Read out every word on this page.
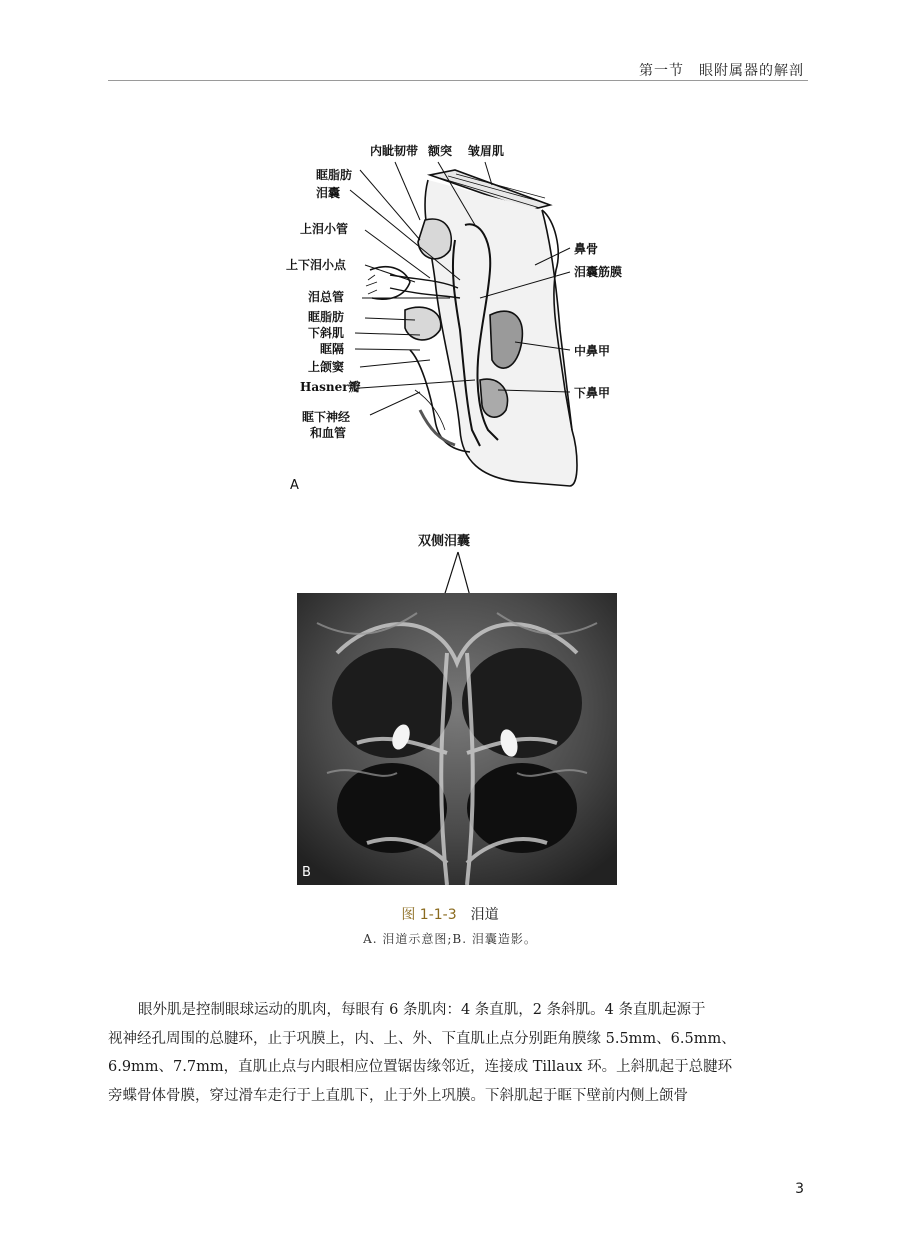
第一节　眼附属器的解剖
内眦韧带 额突 皱眉肌
眶脂肪
泪囊
上泪小管
上下泪小点
泪总管
眶脂肪
下斜肌
眶隔
上颌窦
Hasner瓣
眶下神经
和血管
鼻骨
泪囊筋膜
中鼻甲
下鼻甲
A
双侧泪囊
B
图 1-1-3 泪道
A. 泪道示意图;B. 泪囊造影。
眼外肌是控制眼球运动的肌肉，每眼有 6 条肌肉：4 条直肌，2 条斜肌。4 条直肌起源于
视神经孔周围的总腱环，止于巩膜上，内、上、外、下直肌止点分别距角膜缘 5.5mm、6.5mm、
6.9mm、7.7mm，直肌止点与内眼相应位置锯齿缘邻近，连接成 Tillaux 环。上斜肌起于总腱环
旁蝶骨体骨膜，穿过滑车走行于上直肌下，止于外上巩膜。下斜肌起于眶下壁前内侧上颌骨
3
